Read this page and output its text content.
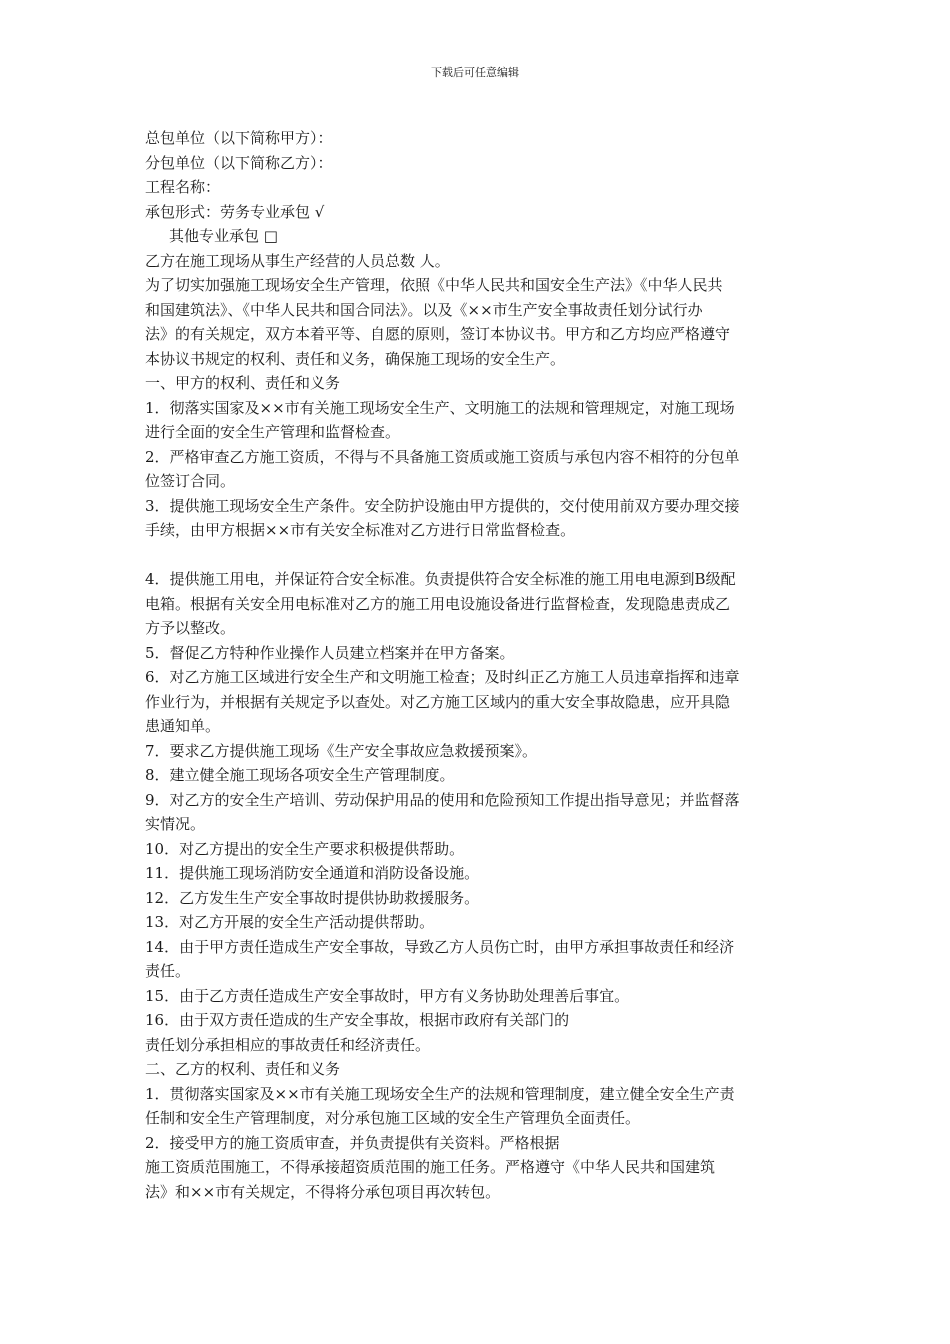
下载后可任意编辑
总包单位（以下简称甲方）：
分包单位（以下简称乙方）：
工程名称：
承包形式：劳务专业承包 √
其他专业承包 □
乙方在施工现场从事生产经营的人员总数 人。
为了切实加强施工现场安全生产管理，依照《中华人民共和国安全生产法》《中华人民共
和国建筑法》、《中华人民共和国合同法》。以及《××市生产安全事故责任划分试行办
法》的有关规定，双方本着平等、自愿的原则，签订本协议书。甲方和乙方均应严格遵守
本协议书规定的权利、责任和义务，确保施工现场的安全生产。
一、甲方的权利、责任和义务
1．彻落实国家及××市有关施工现场安全生产、文明施工的法规和管理规定，对施工现场
进行全面的安全生产管理和监督检查。
2．严格审查乙方施工资质，不得与不具备施工资质或施工资质与承包内容不相符的分包单
位签订合同。
3．提供施工现场安全生产条件。安全防护设施由甲方提供的，交付使用前双方要办理交接
手续，由甲方根据××市有关安全标准对乙方进行日常监督检查。
4．提供施工用电，并保证符合安全标准。负责提供符合安全标准的施工用电电源到B级配
电箱。根据有关安全用电标准对乙方的施工用电设施设备进行监督检查，发现隐患责成乙
方予以整改。
5．督促乙方特种作业操作人员建立档案并在甲方备案。
6．对乙方施工区域进行安全生产和文明施工检查；及时纠正乙方施工人员违章指挥和违章
作业行为，并根据有关规定予以查处。对乙方施工区域内的重大安全事故隐患，应开具隐
患通知单。
7．要求乙方提供施工现场《生产安全事故应急救援预案》。
8．建立健全施工现场各项安全生产管理制度。
9．对乙方的安全生产培训、劳动保护用品的使用和危险预知工作提出指导意见；并监督落
实情况。
10．对乙方提出的安全生产要求积极提供帮助。
11．提供施工现场消防安全通道和消防设备设施。
12．乙方发生生产安全事故时提供协助救援服务。
13．对乙方开展的安全生产活动提供帮助。
14．由于甲方责任造成生产安全事故，导致乙方人员伤亡时，由甲方承担事故责任和经济
责任。
15．由于乙方责任造成生产安全事故时，甲方有义务协助处理善后事宜。
16．由于双方责任造成的生产安全事故，根据市政府有关部门的
责任划分承担相应的事故责任和经济责任。
二、乙方的权利、责任和义务
1．贯彻落实国家及××市有关施工现场安全生产的法规和管理制度，建立健全安全生产责
任制和安全生产管理制度，对分承包施工区域的安全生产管理负全面责任。
2．接受甲方的施工资质审查，并负责提供有关资料。严格根据
施工资质范围施工，不得承接超资质范围的施工任务。严格遵守《中华人民共和国建筑
法》和××市有关规定，不得将分承包项目再次转包。
